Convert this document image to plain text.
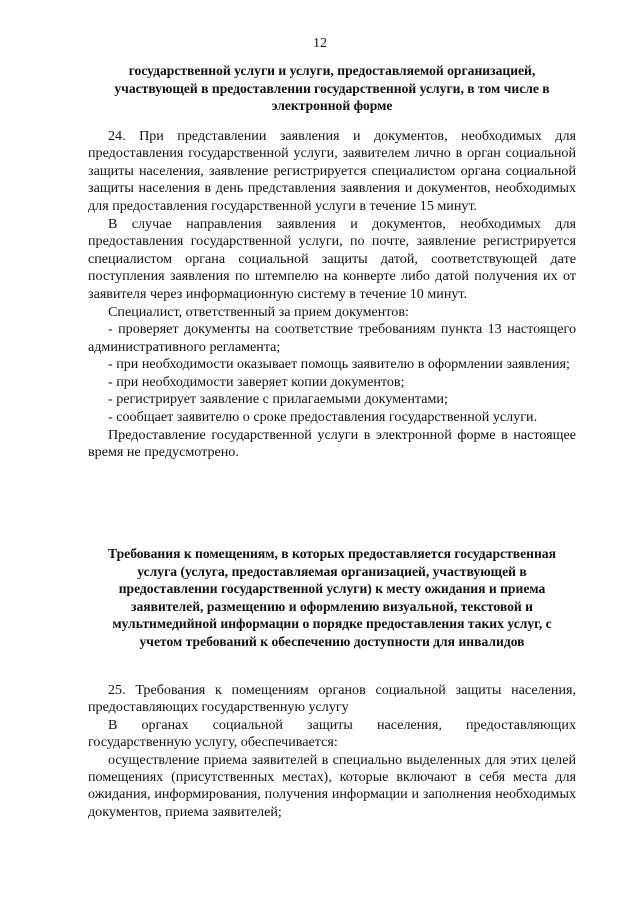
12
государственной услуги и услуги, предоставляемой организацией, участвующей в предоставлении государственной услуги, в том числе в электронной форме

24. При представлении заявления и документов, необходимых для предоставления государственной услуги, заявителем лично в орган социальной защиты населения, заявление регистрируется специалистом органа социальной защиты населения в день представления заявления и документов, необходимых для предоставления государственной услуги в течение 15 минут.

В случае направления заявления и документов, необходимых для предоставления государственной услуги, по почте, заявление регистрируется специалистом органа социальной защиты датой, соответствующей дате поступления заявления по штемпелю на конверте либо датой получения их от заявителя через информационную систему в течение 10 минут.

Специалист, ответственный за прием документов:

- проверяет документы на соответствие требованиям пункта 13 настоящего административного регламента;

- при необходимости оказывает помощь заявителю в оформлении заявления;

- при необходимости заверяет копии документов;

- регистрирует заявление с прилагаемыми документами;

- сообщает заявителю о сроке предоставления государственной услуги.

Предоставление государственной услуги в электронной форме в настоящее время не предусмотрено.

Требования к помещениям, в которых предоставляется государственная услуга (услуга, предоставляемая организацией, участвующей в предоставлении государственной услуги) к месту ожидания и приема заявителей, размещению и оформлению визуальной, текстовой и мультимедийной информации о порядке предоставления таких услуг, с учетом требований к обеспечению доступности для инвалидов

25. Требования к помещениям органов социальной защиты населения, предоставляющих государственную услугу

В органах социальной защиты населения, предоставляющих государственную услугу, обеспечивается:

осуществление приема заявителей в специально выделенных для этих целей помещениях (присутственных местах), которые включают в себя места для ожидания, информирования, получения информации и заполнения необходимых документов, приема заявителей;
